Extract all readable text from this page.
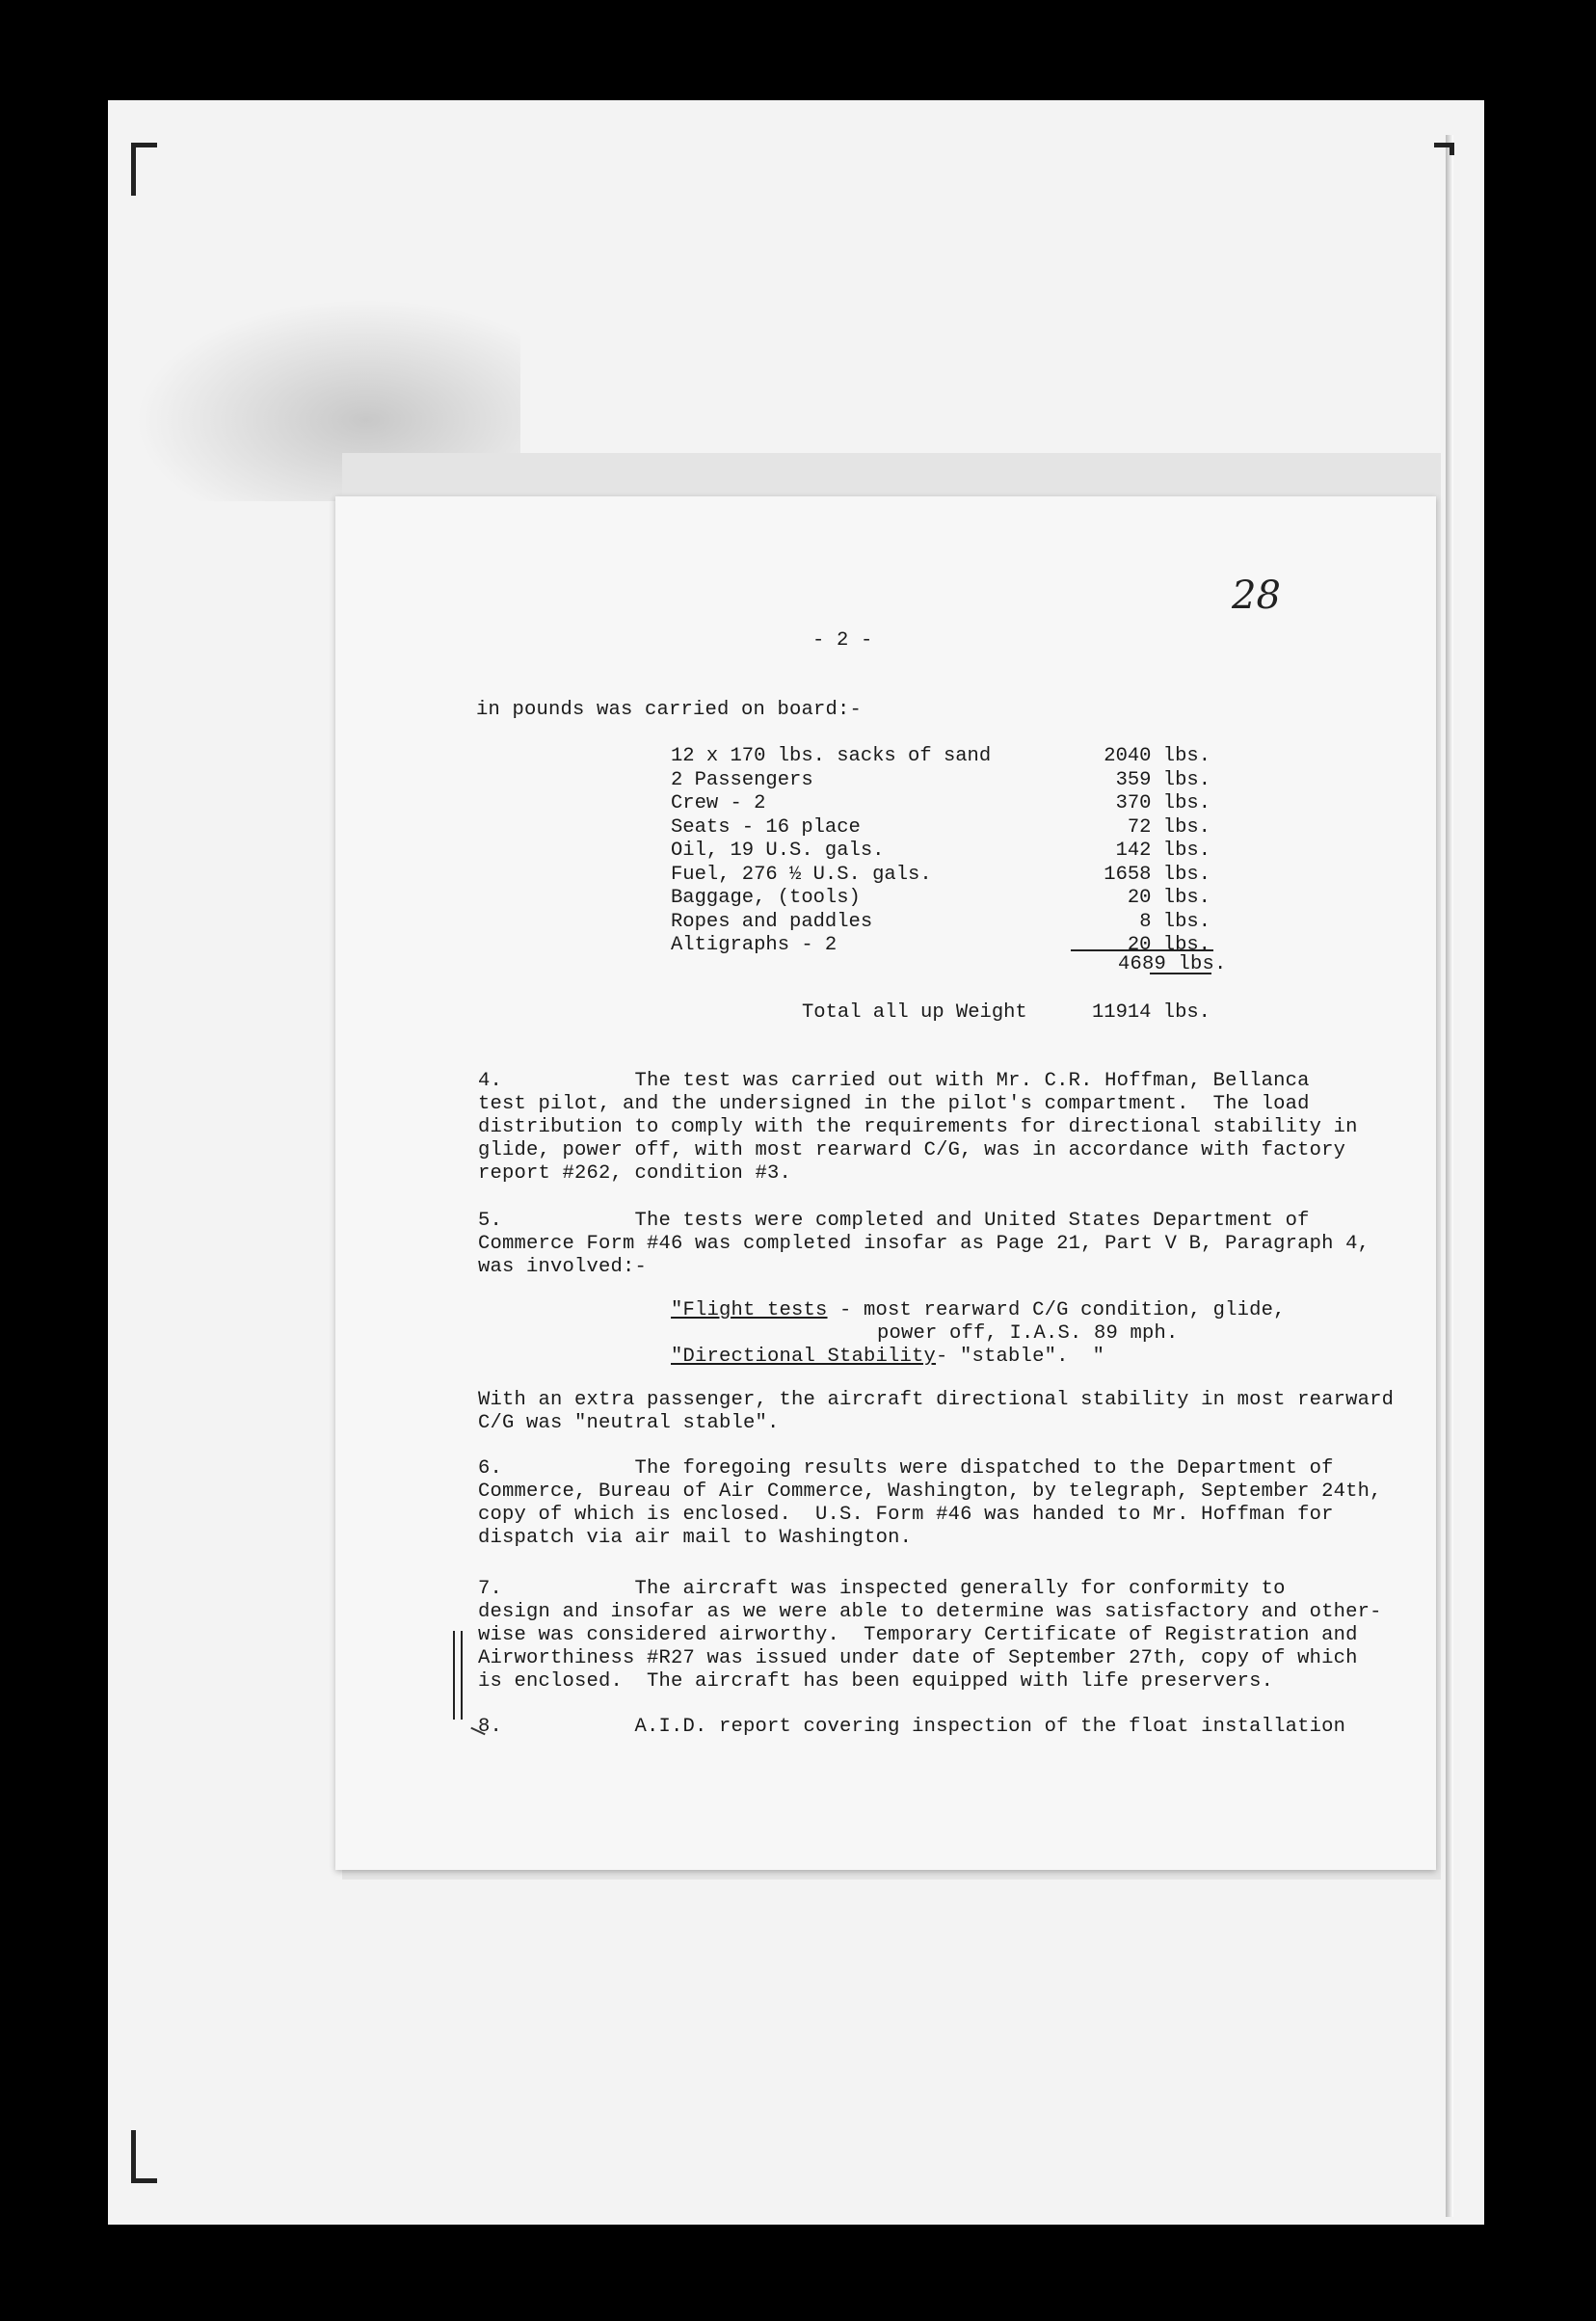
28
- 2 -
in pounds was carried on board:-
12 x 170 lbs. sacks of sand	2040 lbs.
2 Passengers	359 lbs.
Crew - 2	370 lbs.
Seats - 16 place	72 lbs.
Oil, 19 U.S. gals.	142 lbs.
Fuel, 276 ½ U.S. gals.	1658 lbs.
Baggage, (tools)	20 lbs.
Ropes and paddles	8 lbs.
Altigraphs - 2	20 lbs.
4689 lbs.
Total all up Weight	11914 lbs.
4.           The test was carried out with Mr. C.R. Hoffman, Bellanca
test pilot, and the undersigned in the pilot's compartment.  The load
distribution to comply with the requirements for directional stability in
glide, power off, with most rearward C/G, was in accordance with factory
report #262, condition #3.
5.           The tests were completed and United States Department of
Commerce Form #46 was completed insofar as Page 21, Part V B, Paragraph 4,
was involved:-
"Flight tests - most rearward C/G condition, glide,
power off, I.A.S. 89 mph.
"Directional Stability- "stable".  "
With an extra passenger, the aircraft directional stability in most rearward
C/G was "neutral stable".
6.           The foregoing results were dispatched to the Department of
Commerce, Bureau of Air Commerce, Washington, by telegraph, September 24th,
copy of which is enclosed.  U.S. Form #46 was handed to Mr. Hoffman for
dispatch via air mail to Washington.
7.           The aircraft was inspected generally for conformity to
design and insofar as we were able to determine was satisfactory and other-
wise was considered airworthy.  Temporary Certificate of Registration and
Airworthiness #R27 was issued under date of September 27th, copy of which
is enclosed.  The aircraft has been equipped with life preservers.
8.           A.I.D. report covering inspection of the float installation
